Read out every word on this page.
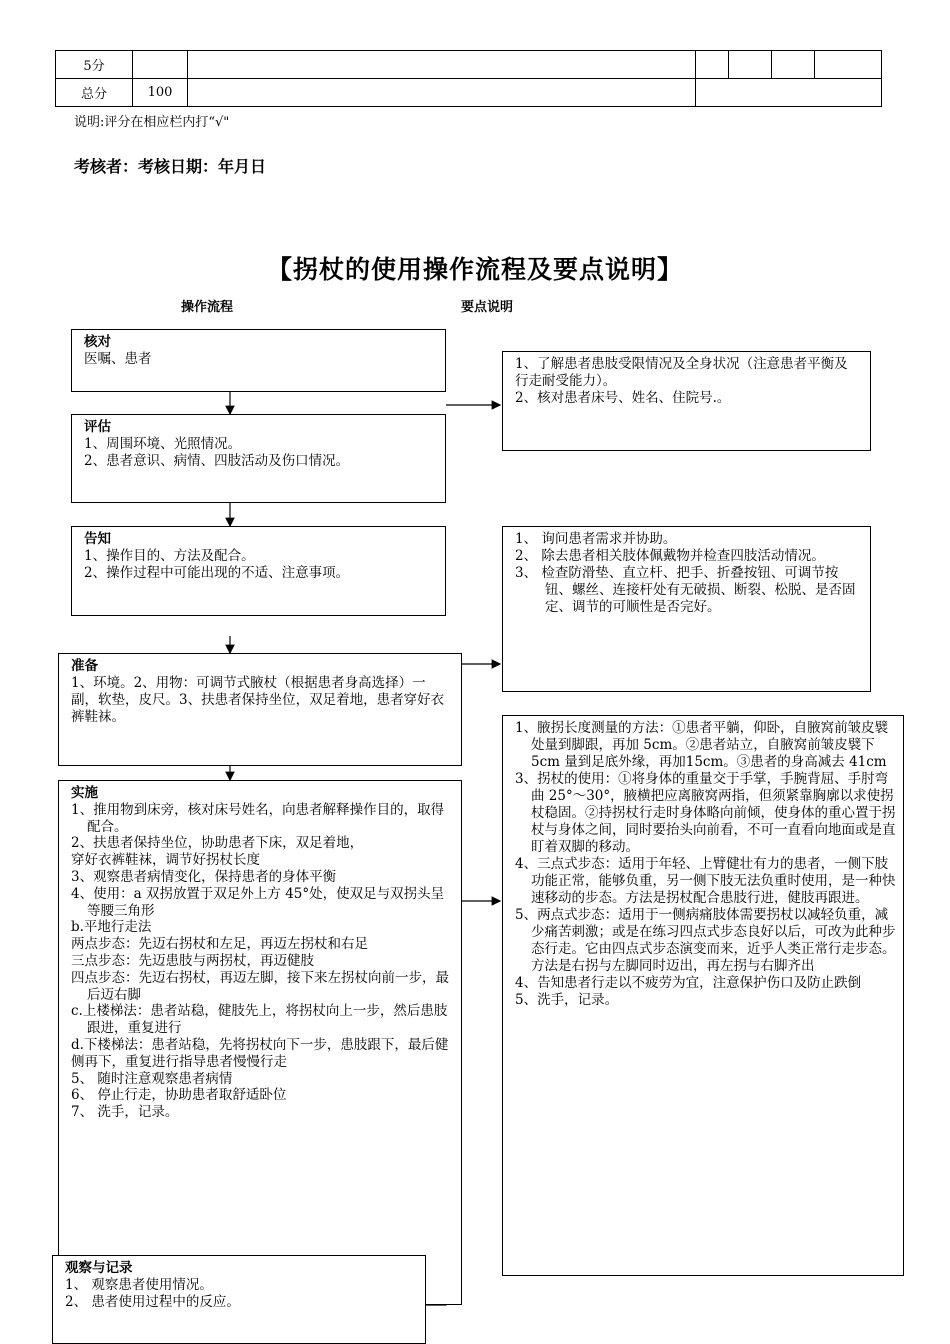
5分						
总分	100					
说明:评分在相应栏内打“√"
考核者：考核日期：年月日
【拐杖的使用操作流程及要点说明】
操作流程	要点说明
核对
医嘱、患者
评估
1、周围环境、光照情况。
2、患者意识、病情、四肢活动及伤口情况。
告知
1、操作目的、方法及配合。
2、操作过程中可能出现的不适、注意事项。
准备
1、环境。2、用物：可调节式腋杖（根据患者身高选择）一副，软垫，皮尺。3、扶患者保持坐位，双足着地，患者穿好衣裤鞋袜。
实施
1、推用物到床旁，核对床号姓名，向患者解释操作目的，取得配合。
2、扶患者保持坐位，协助患者下床，双足着地，
穿好衣裤鞋袜，调节好拐杖长度
3、观察患者病情变化，保持患者的身体平衡
4、使用：a 双拐放置于双足外上方 45°处，使双足与双拐头呈等腰三角形
b.平地行走法
两点步态：先迈右拐杖和左足，再迈左拐杖和右足
三点步态：先迈患肢与两拐杖，再迈健肢
四点步态：先迈右拐杖，再迈左脚，接下来左拐杖向前一步，最后迈右脚
c.上楼梯法：患者站稳，健肢先上，将拐杖向上一步，然后患肢跟进，重复进行
d.下楼梯法：患者站稳，先将拐杖向下一步，患肢跟下，最后健侧再下，重复进行指导患者慢慢行走
5、 随时注意观察患者病情
6、 停止行走，协助患者取舒适卧位
7、 洗手，记录。
观察与记录
1、 观察患者使用情况。
2、 患者使用过程中的反应。
1、了解患者患肢受限情况及全身状况（注意患者平衡及行走耐受能力）。
2、核对患者床号、姓名、住院号.。
1、 询问患者需求并协助。
2、 除去患者相关肢体佩戴物并检查四肢活动情况。
3、 检查防滑垫、直立杆、把手、折叠按钮、可调节按钮、螺丝、连接杆处有无破损、断裂、松脱、是否固定、调节的可顺性是否完好。
1、腋拐长度测量的方法：①患者平躺，仰卧，自腋窝前皱皮襞处量到脚跟，再加 5cm。②患者站立，自腋窝前皱皮襞下 5cm 量到足底外缘，再加15cm。③患者的身高减去 41cm
3、拐杖的使用：①将身体的重量交于手掌，手腕背屈、手肘弯曲 25°～30°，腋横把应离腋窝两指，但须紧靠胸廓以求使拐杖稳固。②持拐杖行走时身体略向前倾，使身体的重心置于拐杖与身体之间，同时要抬头向前看，不可一直看向地面或是直盯着双脚的移动。
4、三点式步态：适用于年轻、上臂健壮有力的患者，一侧下肢功能正常，能够负重，另一侧下肢无法负重时使用，是一种快速移动的步态。方法是拐杖配合患肢行进，健肢再跟进。
5、两点式步态：适用于一侧病痛肢体需要拐杖以减轻负重，减少痛苦刺激；或是在练习四点式步态良好以后，可改为此种步态行走。它由四点式步态演变而来，近乎人类正常行走步态。方法是右拐与左脚同时迈出，再左拐与右脚齐出
4、告知患者行走以不疲劳为宜，注意保护伤口及防止跌倒
5、洗手，记录。
